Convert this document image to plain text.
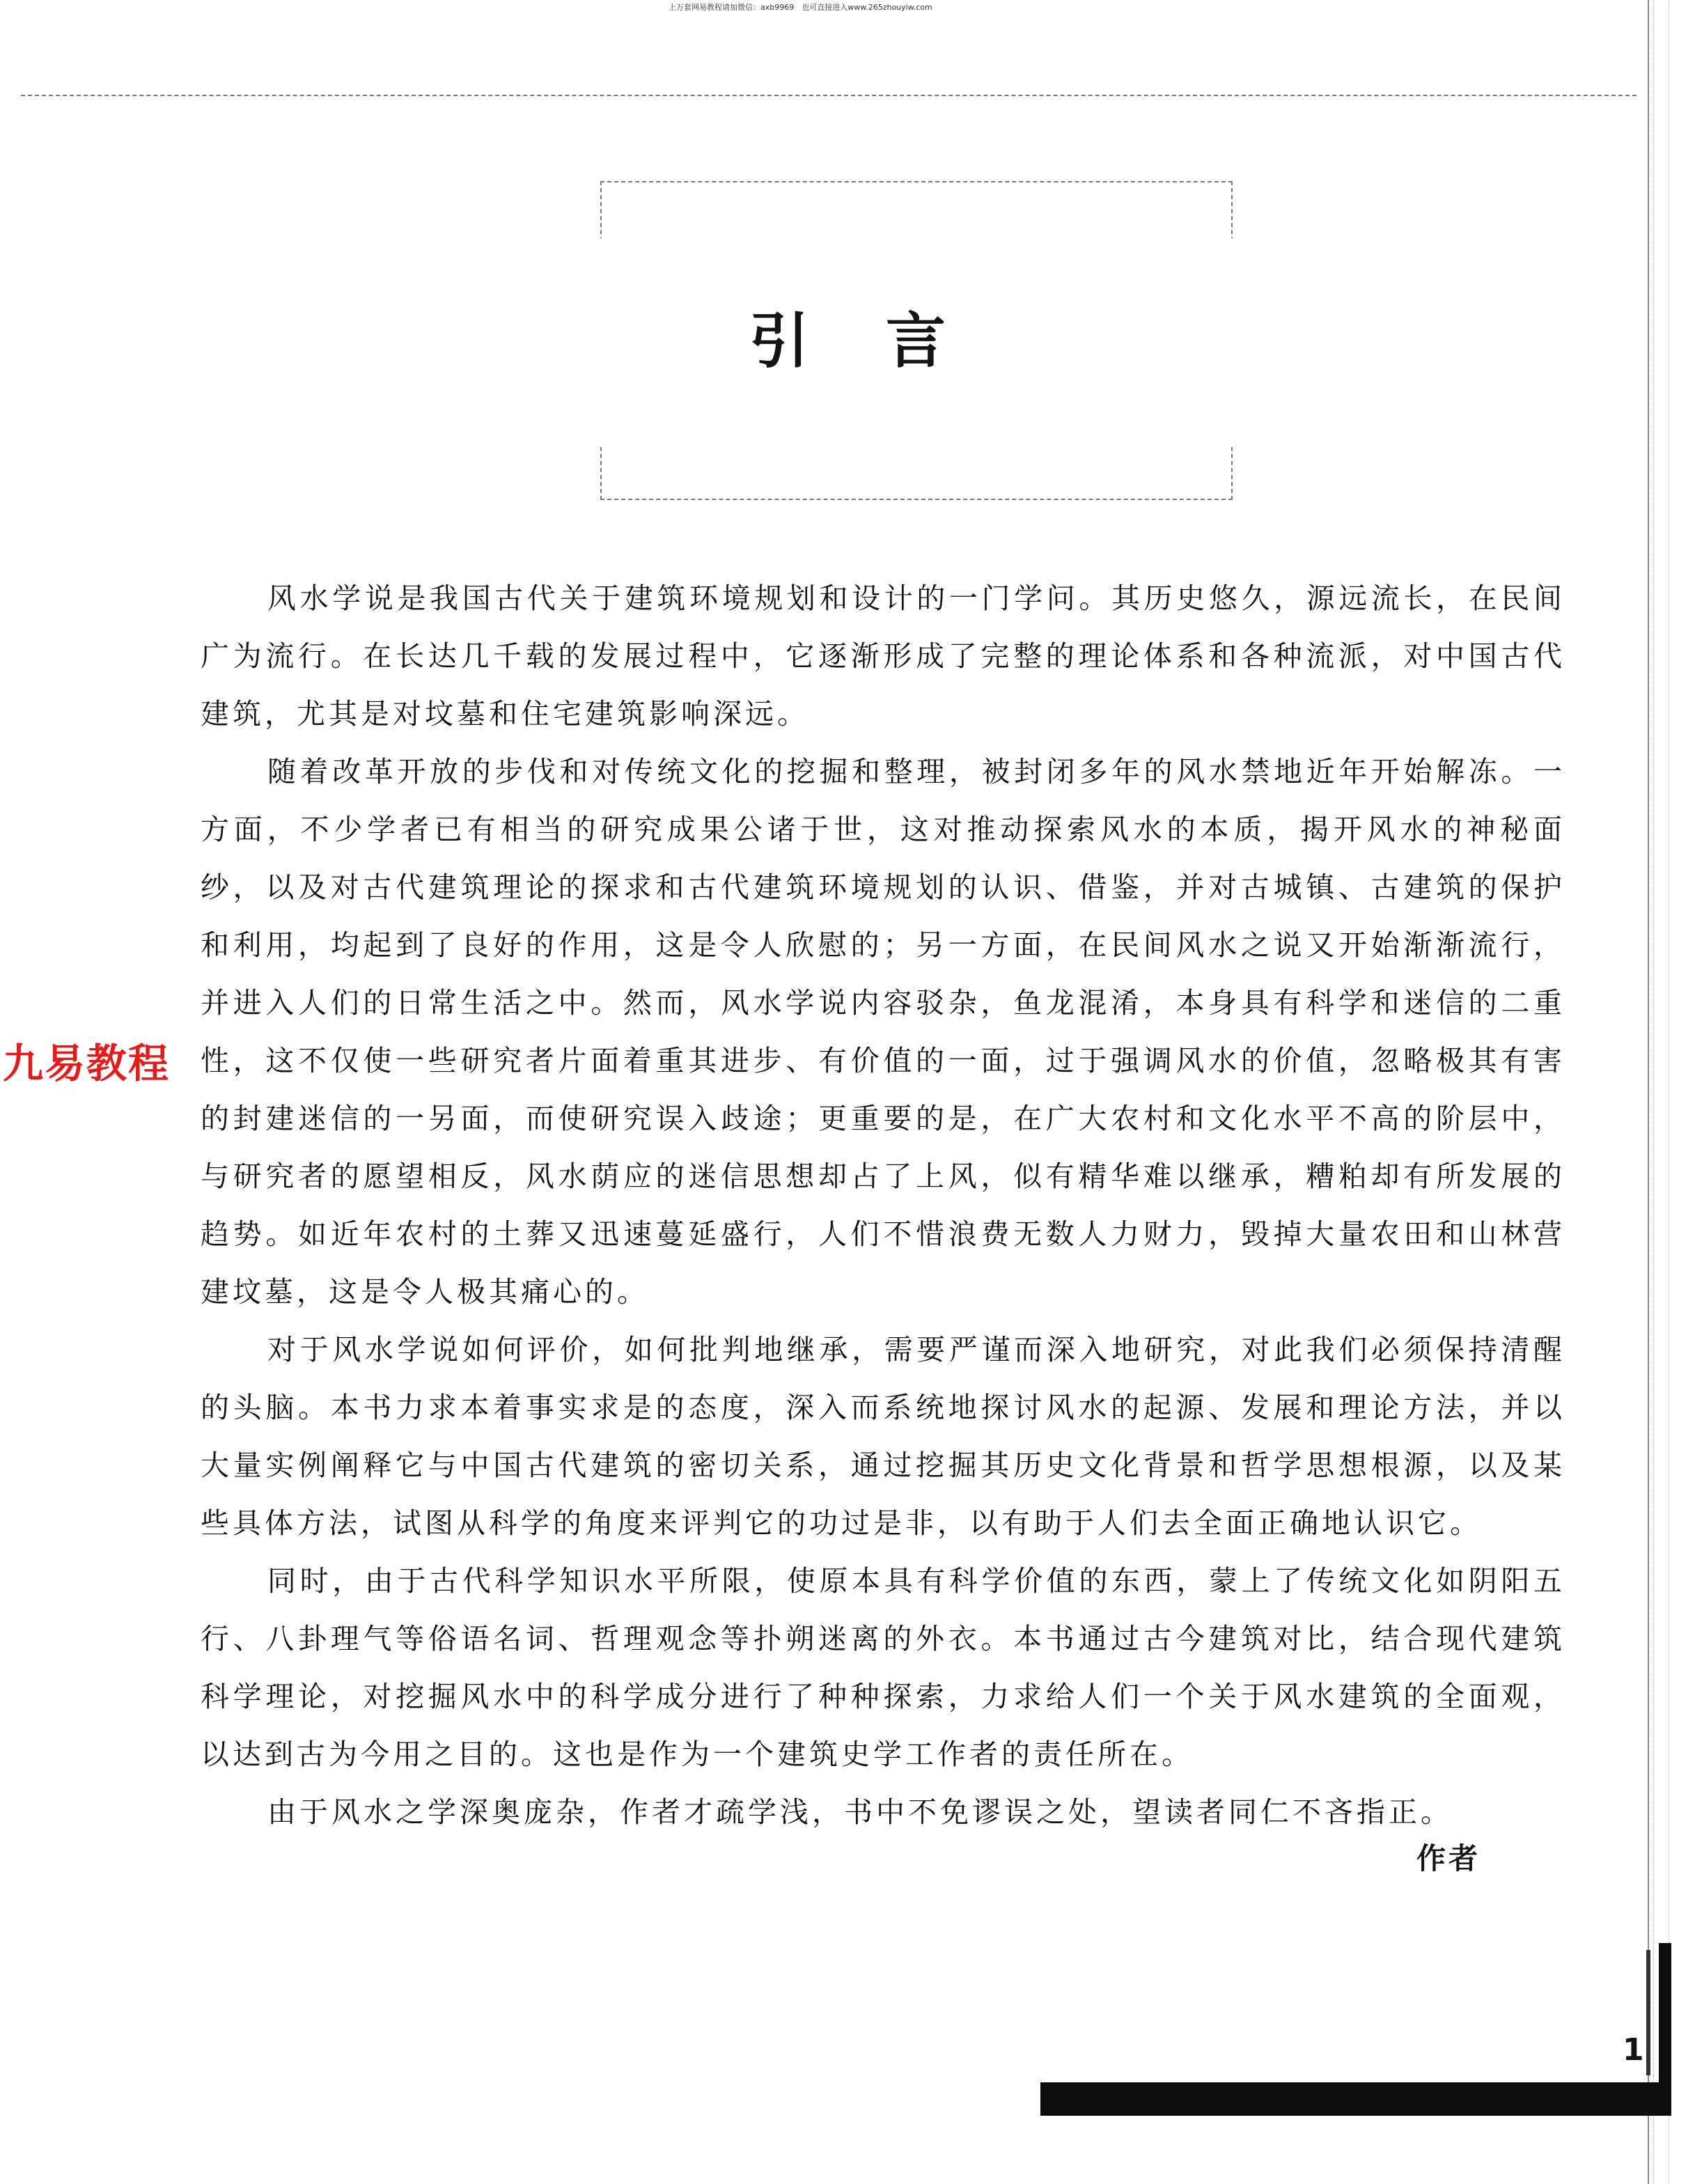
上万套网易教程请加微信：axb9969　也可直接进入www.265zhouyiw.com
引言

风水学说是我国古代关于建筑环境规划和设计的一门学问。其历史悠久，源远流长，在民间广为流行。在长达几千载的发展过程中，它逐渐形成了完整的理论体系和各种流派，对中国古代建筑，尤其是对坟墓和住宅建筑影响深远。

随着改革开放的步伐和对传统文化的挖掘和整理，被封闭多年的风水禁地近年开始解冻。一方面，不少学者已有相当的研究成果公诸于世，这对推动探索风水的本质，揭开风水的神秘面纱，以及对古代建筑理论的探求和古代建筑环境规划的认识、借鉴，并对古城镇、古建筑的保护和利用，均起到了良好的作用，这是令人欣慰的；另一方面，在民间风水之说又开始渐渐流行，并进入人们的日常生活之中。然而，风水学说内容驳杂，鱼龙混淆，本身具有科学和迷信的二重性，这不仅使一些研究者片面着重其进步、有价值的一面，过于强调风水的价值，忽略极其有害的封建迷信的一另面，而使研究误入歧途；更重要的是，在广大农村和文化水平不高的阶层中，与研究者的愿望相反，风水荫应的迷信思想却占了上风，似有精华难以继承，糟粕却有所发展的趋势。如近年农村的土葬又迅速蔓延盛行，人们不惜浪费无数人力财力，毁掉大量农田和山林营建坟墓，这是令人极其痛心的。

对于风水学说如何评价，如何批判地继承，需要严谨而深入地研究，对此我们必须保持清醒的头脑。本书力求本着事实求是的态度，深入而系统地探讨风水的起源、发展和理论方法，并以大量实例阐释它与中国古代建筑的密切关系，通过挖掘其历史文化背景和哲学思想根源，以及某些具体方法，试图从科学的角度来评判它的功过是非，以有助于人们去全面正确地认识它。

同时，由于古代科学知识水平所限，使原本具有科学价值的东西，蒙上了传统文化如阴阳五行、八卦理气等俗语名词、哲理观念等扑朔迷离的外衣。本书通过古今建筑对比，结合现代建筑科学理论，对挖掘风水中的科学成分进行了种种探索，力求给人们一个关于风水建筑的全面观，以达到古为今用之目的。这也是作为一个建筑史学工作者的责任所在。

由于风水之学深奥庞杂，作者才疏学浅，书中不免谬误之处，望读者同仁不吝指正。

作者
1
九易教程
